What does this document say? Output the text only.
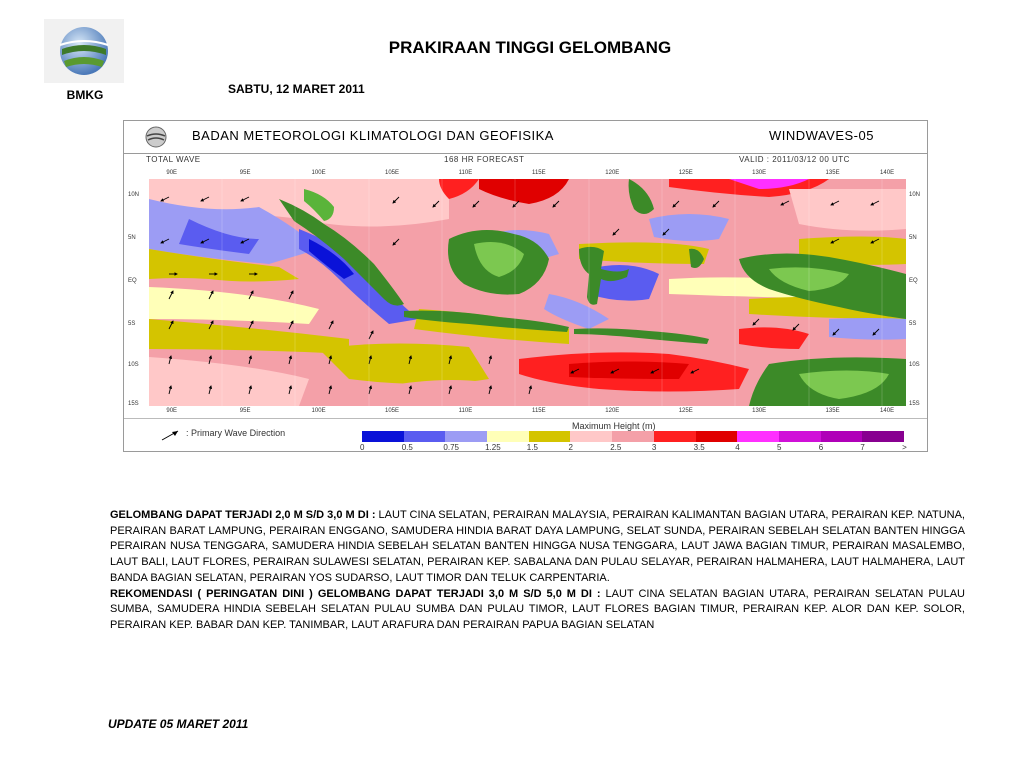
BMKG
PRAKIRAAN TINGGI GELOMBANG
SABTU, 12 MARET 2011
BADAN METEOROLOGI KLIMATOLOGI DAN GEOFISIKA	WINDWAVES-05
TOTAL WAVE	168 HR FORECAST	VALID : 2011/03/12 00 UTC
90E	95E	100E	105E	110E	115E	120E	125E	130E	135E	140E
90E	95E	100E	105E	110E	115E	120E	125E	130E	135E	140E
10N
5N
EQ
5S
10S
15S
10N
5N
EQ
5S
10S
15S
: Primary Wave Direction
Maximum Height (m)
0	0.5	0.75	1.25	1.5	2	2.5	3	3.5	4	5	6	7	>

GELOMBANG DAPAT TERJADI 2,0 M S/D 3,0 M DI : LAUT CINA SELATAN, PERAIRAN MALAYSIA, PERAIRAN KALIMANTAN BAGIAN UTARA, PERAIRAN KEP. NATUNA, PERAIRAN BARAT LAMPUNG, PERAIRAN ENGGANO, SAMUDERA HINDIA BARAT DAYA LAMPUNG, SELAT SUNDA, PERAIRAN SEBELAH SELATAN BANTEN HINGGA PERAIRAN NUSA TENGGARA, SAMUDERA HINDIA SEBELAH SELATAN BANTEN HINGGA NUSA TENGGARA, LAUT JAWA BAGIAN TIMUR, PERAIRAN MASALEMBO, LAUT BALI, LAUT FLORES, PERAIRAN SULAWESI SELATAN, PERAIRAN KEP. SABALANA DAN PULAU SELAYAR, PERAIRAN HALMAHERA, LAUT HALMAHERA, LAUT BANDA BAGIAN SELATAN, PERAIRAN YOS SUDARSO, LAUT TIMOR DAN TELUK CARPENTARIA.

REKOMENDASI ( PERINGATAN DINI ) GELOMBANG DAPAT TERJADI 3,0 M S/D 5,0 M DI : LAUT CINA SELATAN BAGIAN UTARA, PERAIRAN SELATAN PULAU SUMBA, SAMUDERA HINDIA SEBELAH SELATAN PULAU SUMBA DAN PULAU TIMOR, LAUT FLORES BAGIAN TIMUR, PERAIRAN KEP. ALOR DAN KEP. SOLOR, PERAIRAN KEP. BABAR DAN KEP. TANIMBAR, LAUT ARAFURA DAN PERAIRAN PAPUA BAGIAN SELATAN

UPDATE 05 MARET 2011
